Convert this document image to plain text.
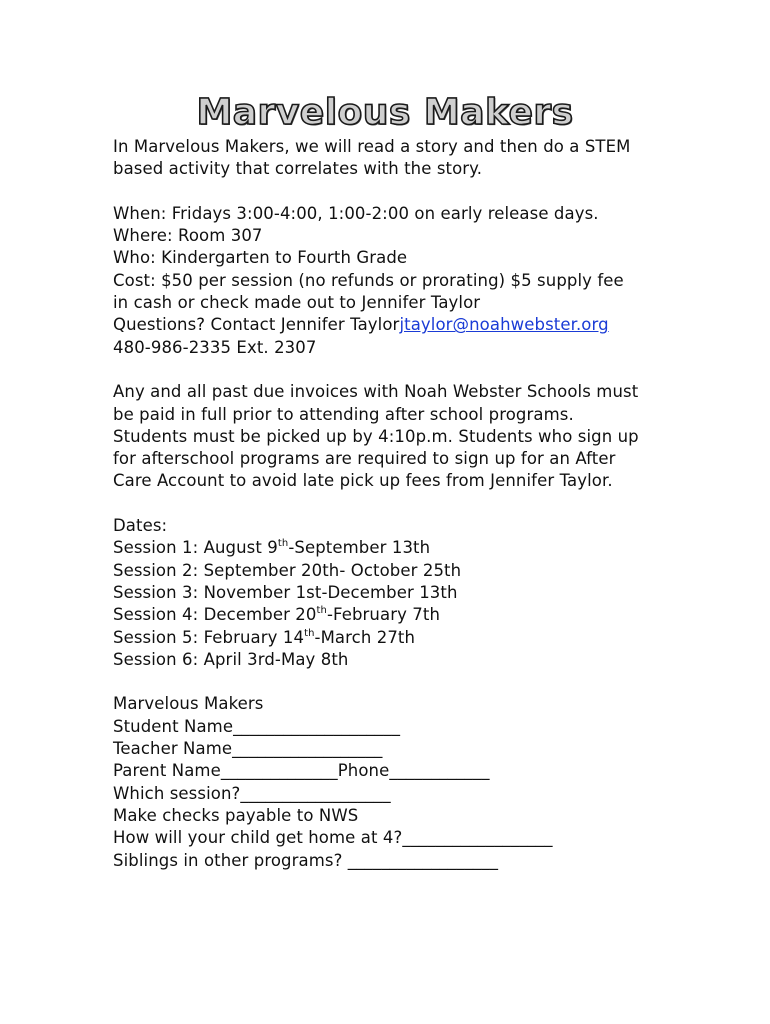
Marvelous Makers
In Marvelous Makers, we will read a story and then do a STEM
based activity that correlates with the story.
When: Fridays 3:00-4:00, 1:00-2:00 on early release days.
Where: Room 307
Who: Kindergarten to Fourth Grade
Cost: $50 per session (no refunds or prorating) $5 supply fee
in cash or check made out to Jennifer Taylor
Questions? Contact Jennifer Taylorjtaylor@noahwebster.org
480-986-2335 Ext. 2307
Any and all past due invoices with Noah Webster Schools must
be paid in full prior to attending after school programs.
Students must be picked up by 4:10p.m. Students who sign up
for afterschool programs are required to sign up for an After
Care Account to avoid late pick up fees from Jennifer Taylor.
Dates:
Session 1: August 9th-September 13th
Session 2: September 20th- October 25th
Session 3: November 1st-December 13th
Session 4: December 20th-February 7th
Session 5: February 14th-March 27th
Session 6: April 3rd-May 8th
Marvelous Makers
Student Name____________________
Teacher Name__________________
Parent Name______________Phone____________
Which session?__________________
Make checks payable to NWS
How will your child get home at 4?__________________
Siblings in other programs? __________________
